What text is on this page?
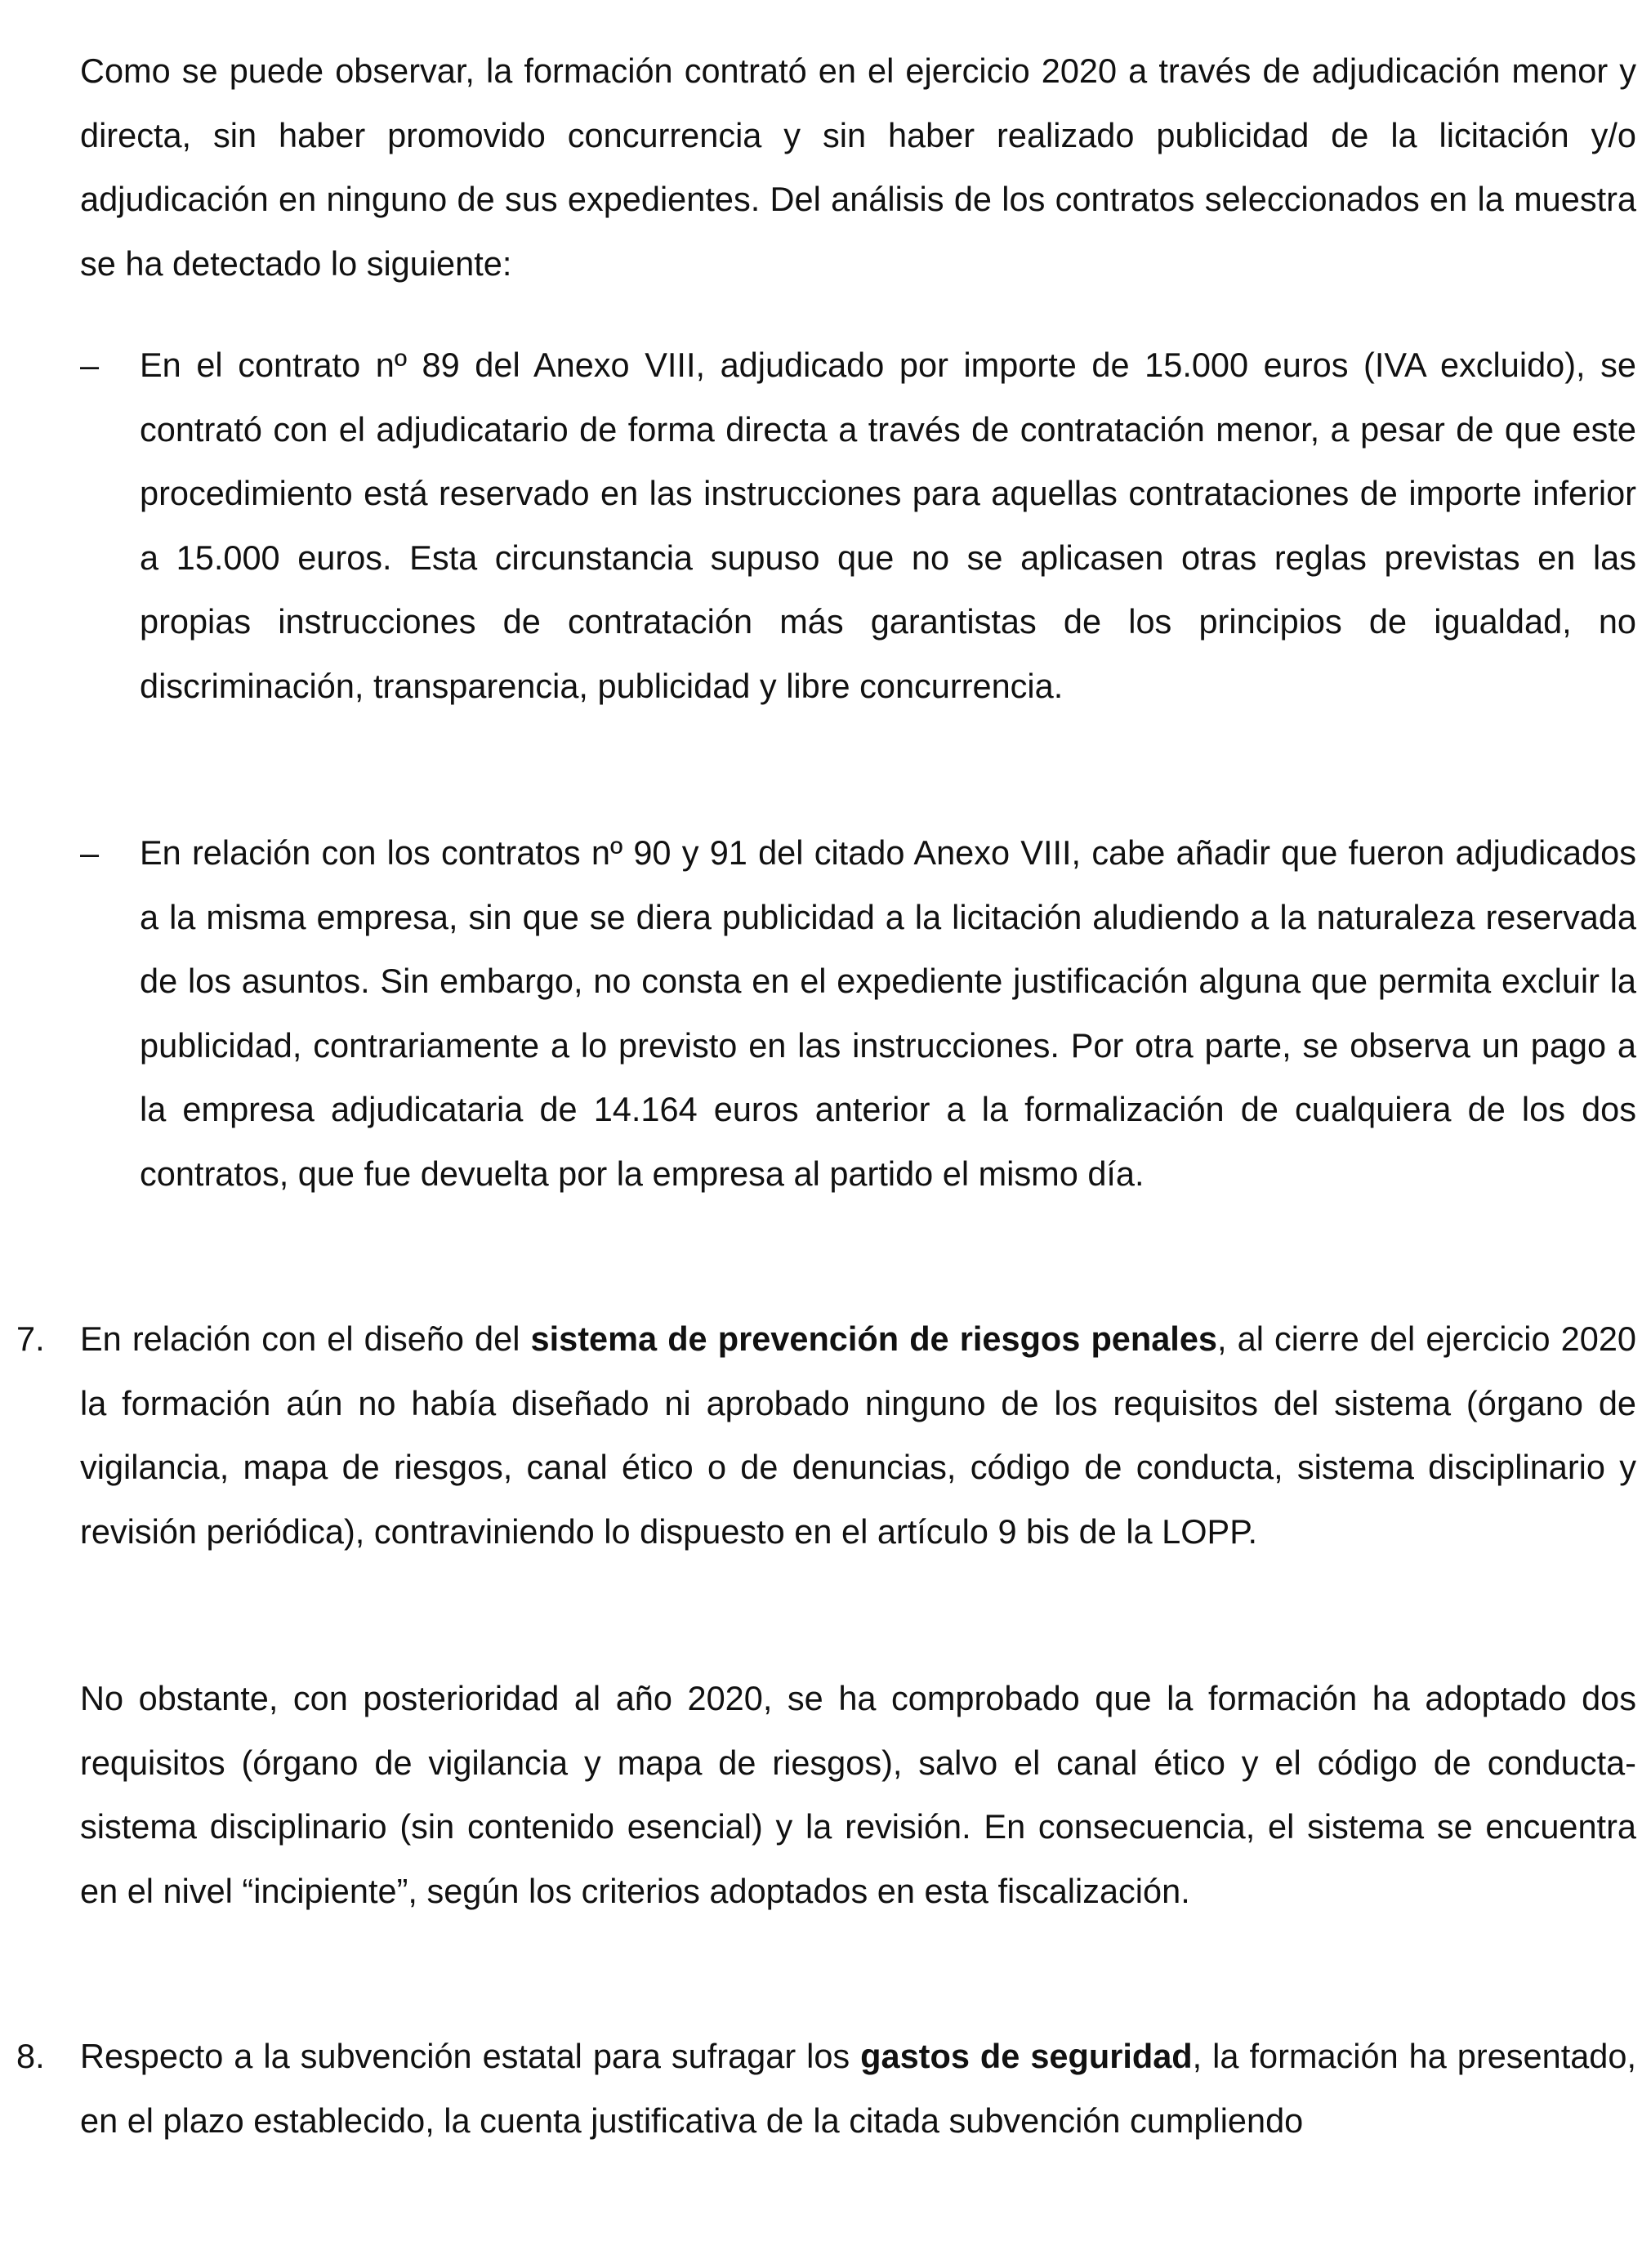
Como se puede observar, la formación contrató en el ejercicio 2020 a través de adjudicación menor y directa, sin haber promovido concurrencia y sin haber realizado publicidad de la licitación y/o adjudicación en ninguno de sus expedientes. Del análisis de los contratos seleccionados en la muestra se ha detectado lo siguiente:

– En el contrato nº 89 del Anexo VIII, adjudicado por importe de 15.000 euros (IVA excluido), se contrató con el adjudicatario de forma directa a través de contratación menor, a pesar de que este procedimiento está reservado en las instrucciones para aquellas contrataciones de importe inferior a 15.000 euros. Esta circunstancia supuso que no se aplicasen otras reglas previstas en las propias instrucciones de contratación más garantistas de los principios de igualdad, no discriminación, transparencia, publicidad y libre concurrencia.

– En relación con los contratos nº 90 y 91 del citado Anexo VIII, cabe añadir que fueron adjudicados a la misma empresa, sin que se diera publicidad a la licitación aludiendo a la naturaleza reservada de los asuntos. Sin embargo, no consta en el expediente justificación alguna que permita excluir la publicidad, contrariamente a lo previsto en las instrucciones. Por otra parte, se observa un pago a la empresa adjudicataria de 14.164 euros anterior a la formalización de cualquiera de los dos contratos, que fue devuelta por la empresa al partido el mismo día.

7. En relación con el diseño del sistema de prevención de riesgos penales, al cierre del ejercicio 2020 la formación aún no había diseñado ni aprobado ninguno de los requisitos del sistema (órgano de vigilancia, mapa de riesgos, canal ético o de denuncias, código de conducta, sistema disciplinario y revisión periódica), contraviniendo lo dispuesto en el artículo 9 bis de la LOPP.

No obstante, con posterioridad al año 2020, se ha comprobado que la formación ha adoptado dos requisitos (órgano de vigilancia y mapa de riesgos), salvo el canal ético y el código de conducta-sistema disciplinario (sin contenido esencial) y la revisión. En consecuencia, el sistema se encuentra en el nivel “incipiente”, según los criterios adoptados en esta fiscalización.

8. Respecto a la subvención estatal para sufragar los gastos de seguridad, la formación ha presentado, en el plazo establecido, la cuenta justificativa de la citada subvención cumpliendo
